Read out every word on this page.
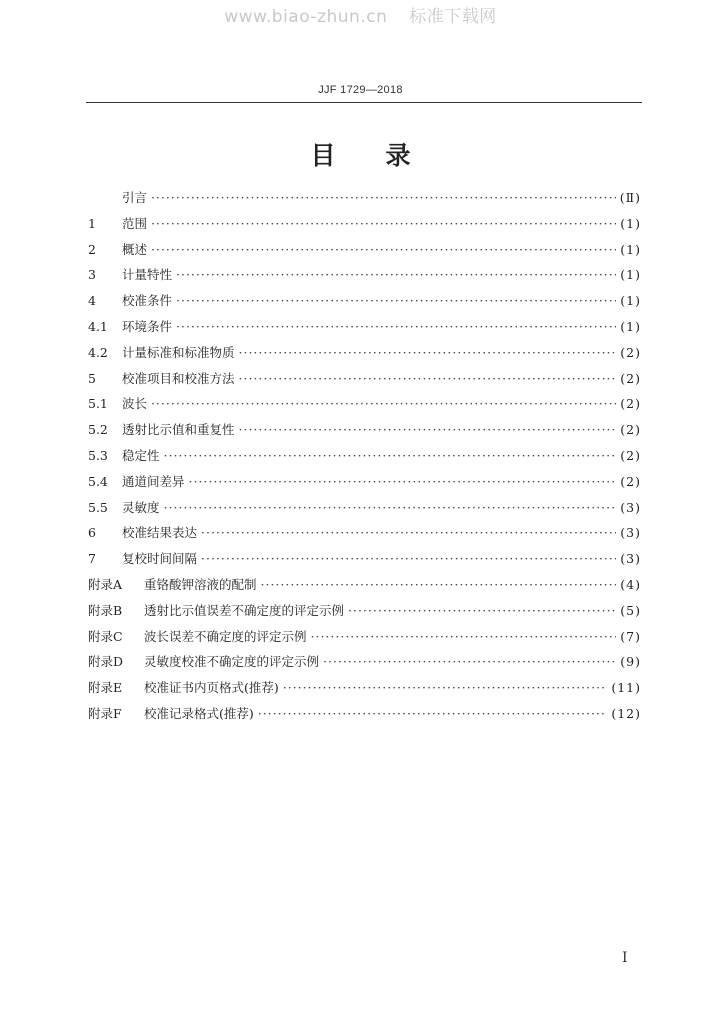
www.biao-zhun.cn 标准下载网
JJF 1729—2018
目 录
引言 ·····	(Ⅱ)
1	范围 ·····	(1)
2	概述 ·····	(1)
3	计量特性 ·····	(1)
4	校准条件 ·····	(1)
4.1	环境条件 ·····	(1)
4.2	计量标准和标准物质 ·····	(2)
5	校准项目和校准方法 ·····	(2)
5.1	波长 ·····	(2)
5.2	透射比示值和重复性 ·····	(2)
5.3	稳定性 ·····	(2)
5.4	通道间差异 ·····	(2)
5.5	灵敏度 ·····	(3)
6	校准结果表达 ·····	(3)
7	复校时间间隔 ·····	(3)
附录A	重铬酸钾溶液的配制 ·····	(4)
附录B	透射比示值误差不确定度的评定示例 ·····	(5)
附录C	波长误差不确定度的评定示例 ·····	(7)
附录D	灵敏度校准不确定度的评定示例 ·····	(9)
附录E	校准证书内页格式(推荐) ·····	(11)
附录F	校准记录格式(推荐) ·····	(12)
I
